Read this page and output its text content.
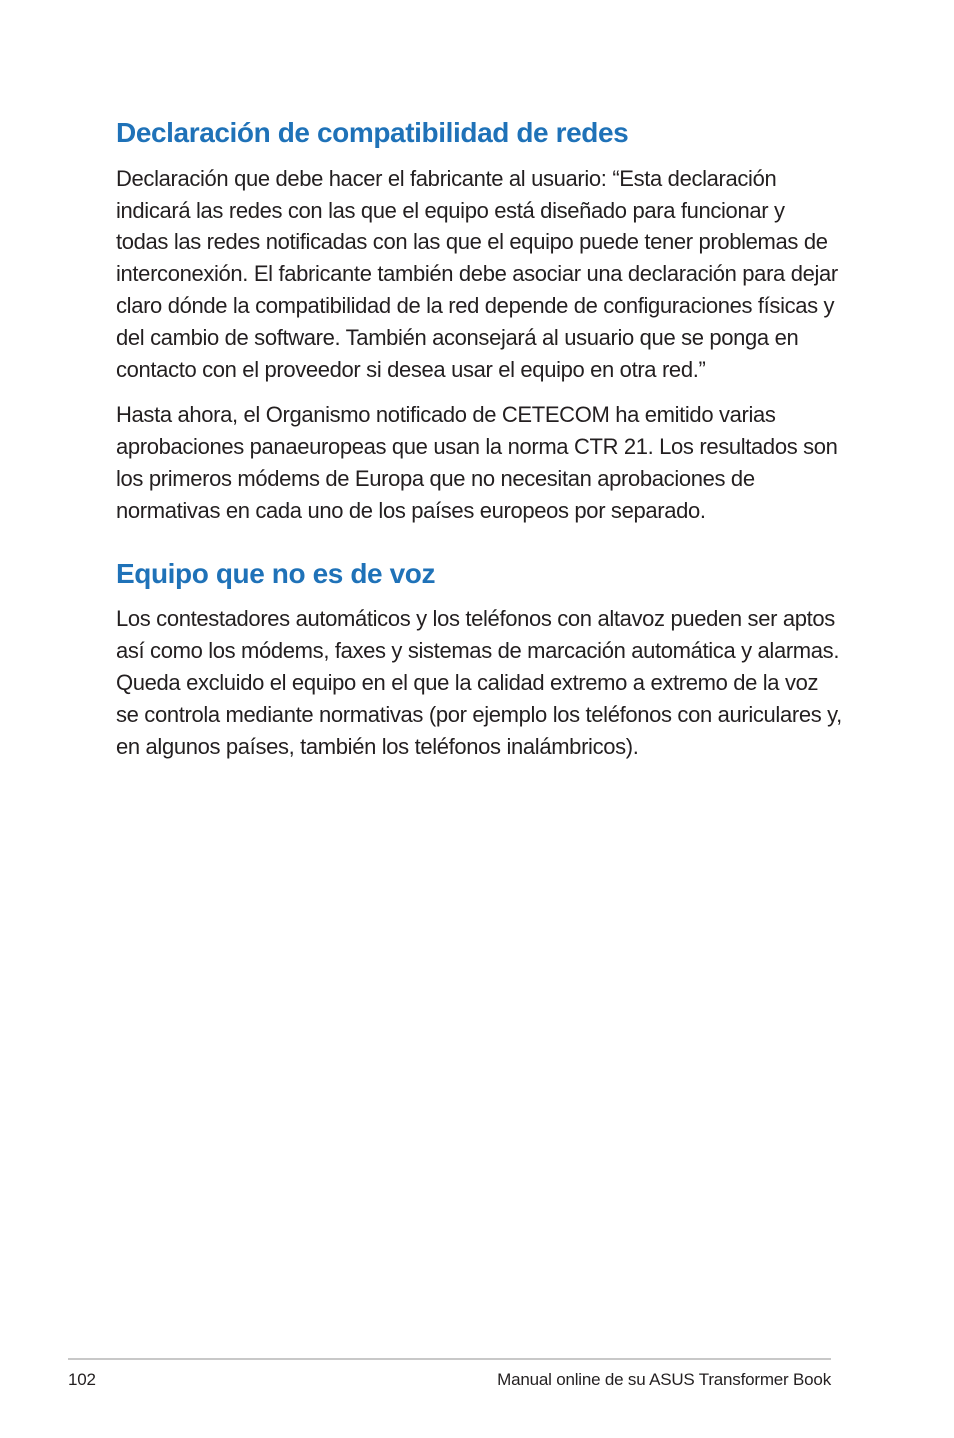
Declaración de compatibilidad de redes

Declaración que debe hacer el fabricante al usuario: “Esta declaración indicará las redes con las que el equipo está diseñado para funcionar y todas las redes notificadas con las que el equipo puede tener problemas de interconexión. El fabricante también debe asociar una declaración para dejar claro dónde la compatibilidad de la red depende de configuraciones físicas y del cambio de software. También aconsejará al usuario que se ponga en contacto con el proveedor si desea usar el equipo en otra red.”

Hasta ahora, el Organismo notificado de CETECOM ha emitido varias aprobaciones panaeuropeas que usan la norma CTR 21. Los resultados son los primeros módems de Europa que no necesitan aprobaciones de normativas en cada uno de los países europeos por separado.

Equipo que no es de voz

Los contestadores automáticos y los teléfonos con altavoz pueden ser aptos así como los módems, faxes y sistemas de marcación automática y alarmas. Queda excluido el equipo en el que la calidad extremo a extremo de la voz se controla mediante normativas (por ejemplo los teléfonos con auriculares y, en algunos países, también los teléfonos inalámbricos).

102	Manual online de su ASUS Transformer Book
